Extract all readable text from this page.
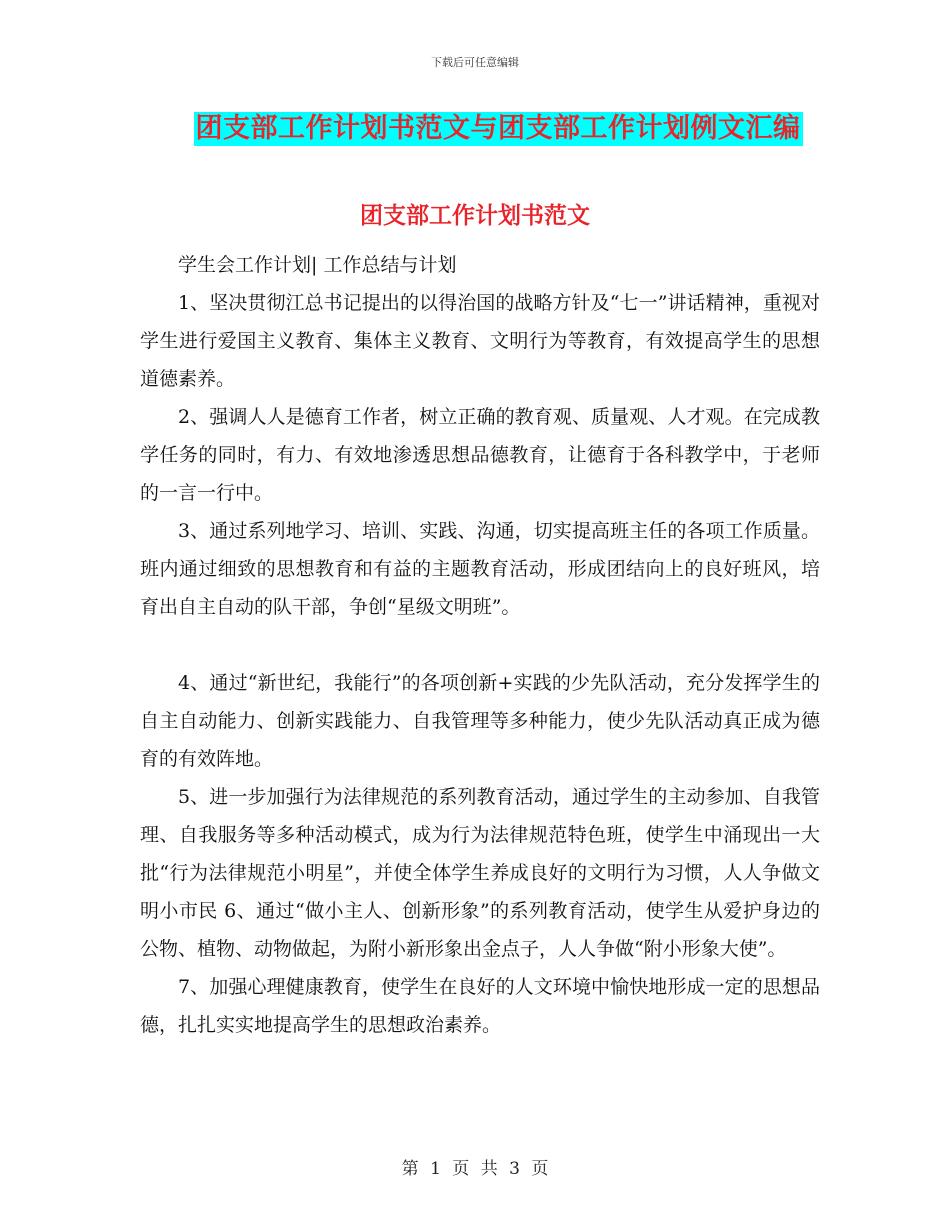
下载后可任意编辑
团支部工作计划书范文与团支部工作计划例文汇编
团支部工作计划书范文

学生会工作计划| 工作总结与计划

1、坚决贯彻江总书记提出的以得治国的战略方针及“七一”讲话精神，重视对学生进行爱国主义教育、集体主义教育、文明行为等教育，有效提高学生的思想道德素养。

2、强调人人是德育工作者，树立正确的教育观、质量观、人才观。在完成教学任务的同时，有力、有效地渗透思想品德教育，让德育于各科教学中，于老师的一言一行中。

3、通过系列地学习、培训、实践、沟通，切实提高班主任的各项工作质量。班内通过细致的思想教育和有益的主题教育活动，形成团结向上的良好班风，培育出自主自动的队干部，争创“星级文明班”。

4、通过“新世纪，我能行”的各项创新+实践的少先队活动，充分发挥学生的自主自动能力、创新实践能力、自我管理等多种能力，使少先队活动真正成为德育的有效阵地。

5、进一步加强行为法律规范的系列教育活动，通过学生的主动参加、自我管理、自我服务等多种活动模式，成为行为法律规范特色班，使学生中涌现出一大批“行为法律规范小明星”，并使全体学生养成良好的文明行为习惯，人人争做文明小市民 6、通过“做小主人、创新形象”的系列教育活动，使学生从爱护身边的公物、植物、动物做起，为附小新形象出金点子，人人争做“附小形象大使”。

7、加强心理健康教育，使学生在良好的人文环境中愉快地形成一定的思想品德，扎扎实实地提高学生的思想政治素养。

第 1 页 共 3 页
